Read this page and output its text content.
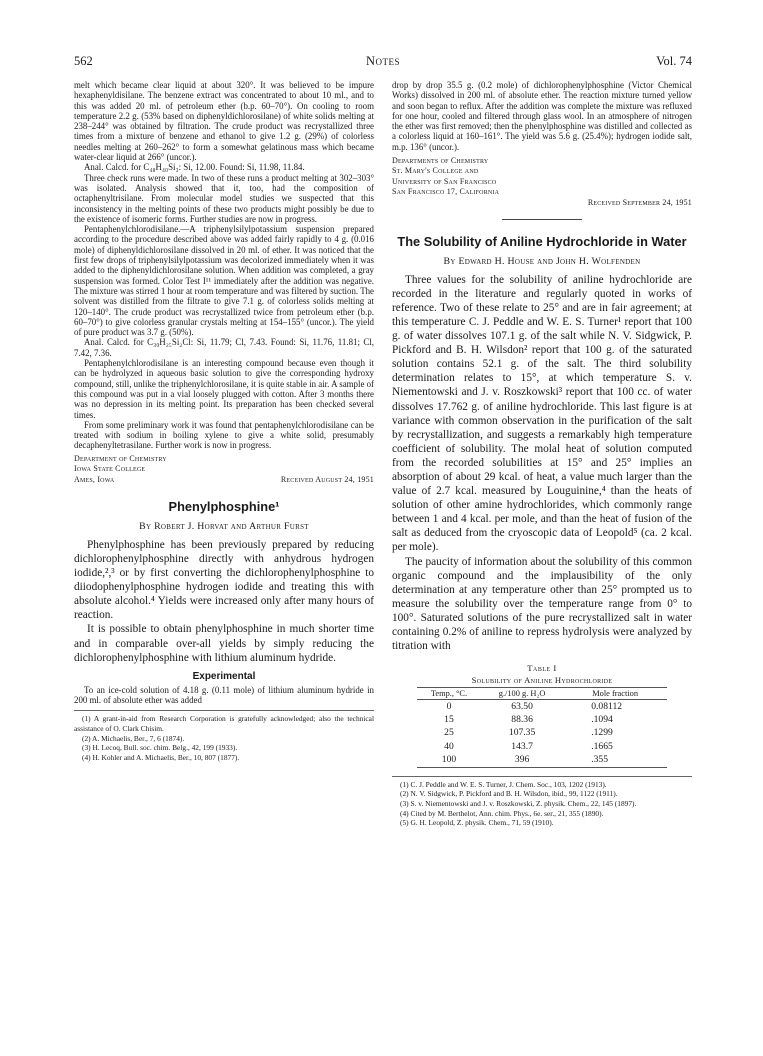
562	Notes	Vol. 74

melt which became clear liquid at about 320°. It was believed to be impure hexaphenyldisilane. The benzene extract was concentrated to about 10 ml., and to this was added 20 ml. of petroleum ether (b.p. 60–70°). On cooling to room temperature 2.2 g. (53% based on diphenyldichlorosilane) of white solids melting at 238–244° was obtained by filtration. The crude product was recrystallized three times from a mixture of benzene and ethanol to give 1.2 g. (29%) of colorless needles melting at 260–262° to form a somewhat gelatinous mass which became water-clear liquid at 266° (uncor.).

Anal. Calcd. for C₄₈H₄₀Si₃: Si, 12.00. Found: Si, 11.98, 11.84.

Three check runs were made. In two of these runs a product melting at 302–303° was isolated. Analysis showed that it, too, had the composition of octaphenyltrisilane. From molecular model studies we suspected that this inconsistency in the melting points of these two products might possibly be due to the existence of isomeric forms. Further studies are now in progress.

Pentaphenylchlorodisilane.—A triphenylsilylpotassium suspension prepared according to the procedure described above was added fairly rapidly to 4 g. (0.016 mole) of diphenyldichlorosilane dissolved in 20 ml. of ether. It was noticed that the first few drops of triphenylsilylpotassium was decolorized immediately when it was added to the diphenyldichlorosilane solution. When addition was completed, a gray suspension was formed. Color Test I¹¹ immediately after the addition was negative. The mixture was stirred 1 hour at room temperature and was filtered by suction. The solvent was distilled from the filtrate to give 7.1 g. of colorless solids melting at 120–140°. The crude product was recrystallized twice from petroleum ether (b.p. 60–70°) to give colorless granular crystals melting at 154–155° (uncor.). The yield of pure product was 3.7 g. (50%).

Anal. Calcd. for C₃₀H₂₅Si₂Cl: Si, 11.79; Cl, 7.43. Found: Si, 11.76, 11.81; Cl, 7.42, 7.36.

Pentaphenylchlorodisilane is an interesting compound because even though it can be hydrolyzed in aqueous basic solution to give the corresponding hydroxy compound, still, unlike the triphenylchlorosilane, it is quite stable in air. A sample of this compound was put in a vial loosely plugged with cotton. After 3 months there was no depression in its melting point. Its preparation has been checked several times.

From some preliminary work it was found that pentaphenylchlorodisilane can be treated with sodium in boiling xylene to give a white solid, presumably decaphenyltetrasilane. Further work is now in progress.

Department of Chemistry
Iowa State College
Ames, Iowa	Received August 24, 1951
Phenylphosphine¹
By Robert J. Horvat and Arthur Furst

Phenylphosphine has been previously prepared by reducing dichlorophenylphosphine directly with anhydrous hydrogen iodide,²,³ or by first converting the dichlorophenylphosphine to diiodophenylphosphine hydrogen iodide and treating this with absolute alcohol.⁴ Yields were increased only after many hours of reaction.

It is possible to obtain phenylphosphine in much shorter time and in comparable over-all yields by simply reducing the dichlorophenylphosphine with lithium aluminum hydride.

Experimental

To an ice-cold solution of 4.18 g. (0.11 mole) of lithium aluminum hydride in 200 ml. of absolute ether was added

(1) A grant-in-aid from Research Corporation is gratefully acknowledged; also the technical assistance of O. Clark Chisim.

(2) A. Michaelis, Ber., 7, 6 (1874).

(3) H. Lecoq, Bull. soc. chim. Belg., 42, 199 (1933).

(4) H. Kohler and A. Michaelis, Ber., 10, 807 (1877).

drop by drop 35.5 g. (0.2 mole) of dichlorophenylphosphine (Victor Chemical Works) dissolved in 200 ml. of absolute ether. The reaction mixture turned yellow and soon began to reflux. After the addition was complete the mixture was refluxed for one hour, cooled and filtered through glass wool. In an atmosphere of nitrogen the ether was first removed; then the phenylphosphine was distilled and collected as a colorless liquid at 160–161°. The yield was 5.6 g. (25.4%); hydrogen iodide salt, m.p. 136° (uncor.).

Departments of Chemistry
St. Mary's College and
University of San Francisco
San Francisco 17, California
Received September 24, 1951
The Solubility of Aniline Hydrochloride in Water
By Edward H. House and John H. Wolfenden

Three values for the solubility of aniline hydrochloride are recorded in the literature and regularly quoted in works of reference. Two of these relate to 25° and are in fair agreement; at this temperature C. J. Peddle and W. E. S. Turner¹ report that 100 g. of water dissolves 107.1 g. of the salt while N. V. Sidgwick, P. Pickford and B. H. Wilsdon² report that 100 g. of the saturated solution contains 52.1 g. of the salt. The third solubility determination relates to 15°, at which temperature S. v. Niementowski and J. v. Roszkowski³ report that 100 cc. of water dissolves 17.762 g. of aniline hydrochloride. This last figure is at variance with common observation in the purification of the salt by recrystallization, and suggests a remarkably high temperature coefficient of solubility. The molal heat of solution computed from the recorded solubilities at 15° and 25° implies an absorption of about 29 kcal. of heat, a value much larger than the value of 2.7 kcal. measured by Louguinine,⁴ than the heats of solution of other amine hydrochlorides, which commonly range between 1 and 4 kcal. per mole, and than the heat of fusion of the salt as deduced from the cryoscopic data of Leopold⁵ (ca. 2 kcal. per mole).

The paucity of information about the solubility of this common organic compound and the implausibility of the only determination at any temperature other than 25° prompted us to measure the solubility over the temperature range from 0° to 100°. Saturated solutions of the pure recrystallized salt in water containing 0.2% of aniline to repress hydrolysis were analyzed by titration with

Table I
Solubility of Aniline Hydrochloride
Temp., °C.	g./100 g. H₂O	Mole fraction
0	63.50	0.08112
15	88.36	.1094
25	107.35	.1299
40	143.7	.1665
100	396	.355

(1) C. J. Peddle and W. E. S. Turner, J. Chem. Soc., 103, 1202 (1913).

(2) N. V. Sidgwick, P. Pickford and B. H. Wilsdon, ibid., 99, 1122 (1911).

(3) S. v. Niementowski and J. v. Roszkowski, Z. physik. Chem., 22, 145 (1897).

(4) Cited by M. Berthelot, Ann. chim. Phys., 6e. ser., 21, 355 (1890).

(5) G. H. Leopold, Z. physik. Chem., 71, 59 (1910).
